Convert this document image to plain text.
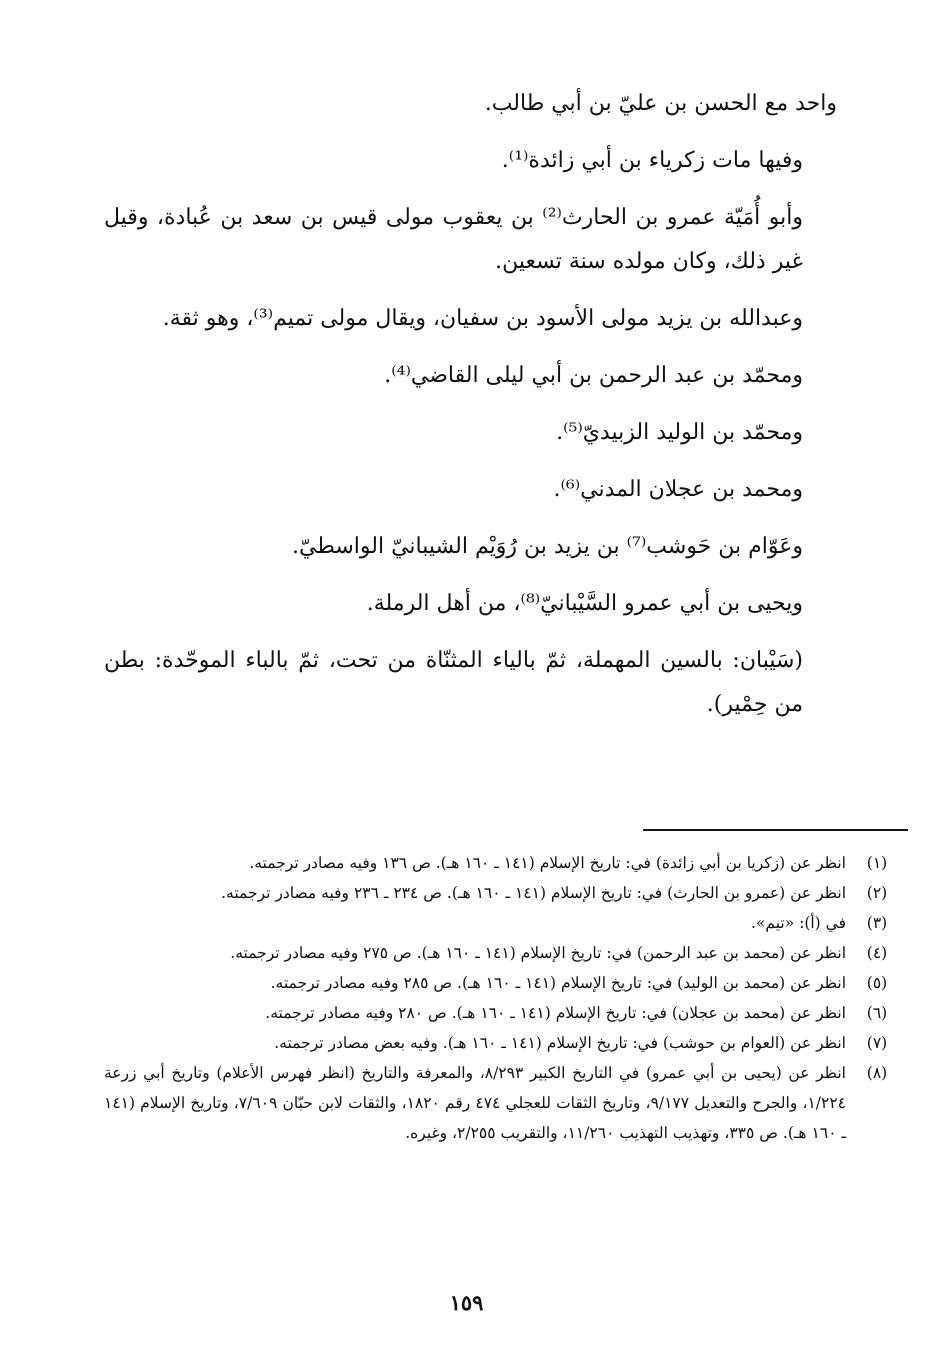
واحد مع الحسن بن عليّ بن أبي طالب.

وفيها مات زكرياء بن أبي زائدة⁽¹⁾.

وأبو أُمَيّة عمرو بن الحارث⁽²⁾ بن يعقوب مولى قيس بن سعد بن عُبادة، وقيل غير ذلك، وكان مولده سنة تسعين.

وعبدالله بن يزيد مولى الأسود بن سفيان، ويقال مولى تميم⁽³⁾، وهو ثقة.

ومحمّد بن عبد الرحمن بن أبي ليلى القاضي⁽⁴⁾.

ومحمّد بن الوليد الزبيديّ⁽⁵⁾.

ومحمد بن عجلان المدني⁽⁶⁾.

وعَوّام بن حَوشب⁽⁷⁾ بن يزيد بن رُوَيْم الشيبانيّ الواسطيّ.

ويحيى بن أبي عمرو السَّيْبانيّ⁽⁸⁾، من أهل الرملة.

(سَيْبان: بالسين المهملة، ثمّ بالياء المثنّاة من تحت، ثمّ بالباء الموحّدة: بطن من حِمْير).

(١)
انظر عن (زكريا بن أبي زائدة) في: تاريخ الإسلام (١٤١ ـ ١٦٠ هـ). ص ١٣٦ وفيه مصادر ترجمته.
(٢)
انظر عن (عمرو بن الحارث) في: تاريخ الإسلام (١٤١ ـ ١٦٠ هـ). ص ٢٣٤ ـ ٢٣٦ وفيه مصادر ترجمته.
(٣)
في (أ): «تيم».
(٤)
انظر عن (محمد بن عبد الرحمن) في: تاريخ الإسلام (١٤١ ـ ١٦٠ هـ). ص ٢٧٥ وفيه مصادر ترجمته.
(٥)
انظر عن (محمد بن الوليد) في: تاريخ الإسلام (١٤١ ـ ١٦٠ هـ). ص ٢٨٥ وفيه مصادر ترجمته.
(٦)
انظر عن (محمد بن عجلان) في: تاريخ الإسلام (١٤١ ـ ١٦٠ هـ). ص ٢٨٠ وفيه مصادر ترجمته.
(٧)
انظر عن (العوام بن حوشب) في: تاريخ الإسلام (١٤١ ـ ١٦٠ هـ). وفيه بعض مصادر ترجمته.
(٨)
انظر عن (يحيى بن أبي عمرو) في التاريخ الكبير ٨/٢٩٣، والمعرفة والتاريخ (انظر فهرس الأعلام) وتاريخ أبي زرعة ١/٢٢٤، والجرح والتعديل ٩/١٧٧، وتاريخ الثقات للعجلي ٤٧٤ رقم ١٨٢٠، والثقات لابن حبّان ٧/٦٠٩، وتاريخ الإسلام (١٤١ ـ ١٦٠ هـ). ص ٣٣٥، وتهذيب التهذيب ١١/٢٦٠، والتقريب ٢/٢٥٥، وغيره.
١٥٩
